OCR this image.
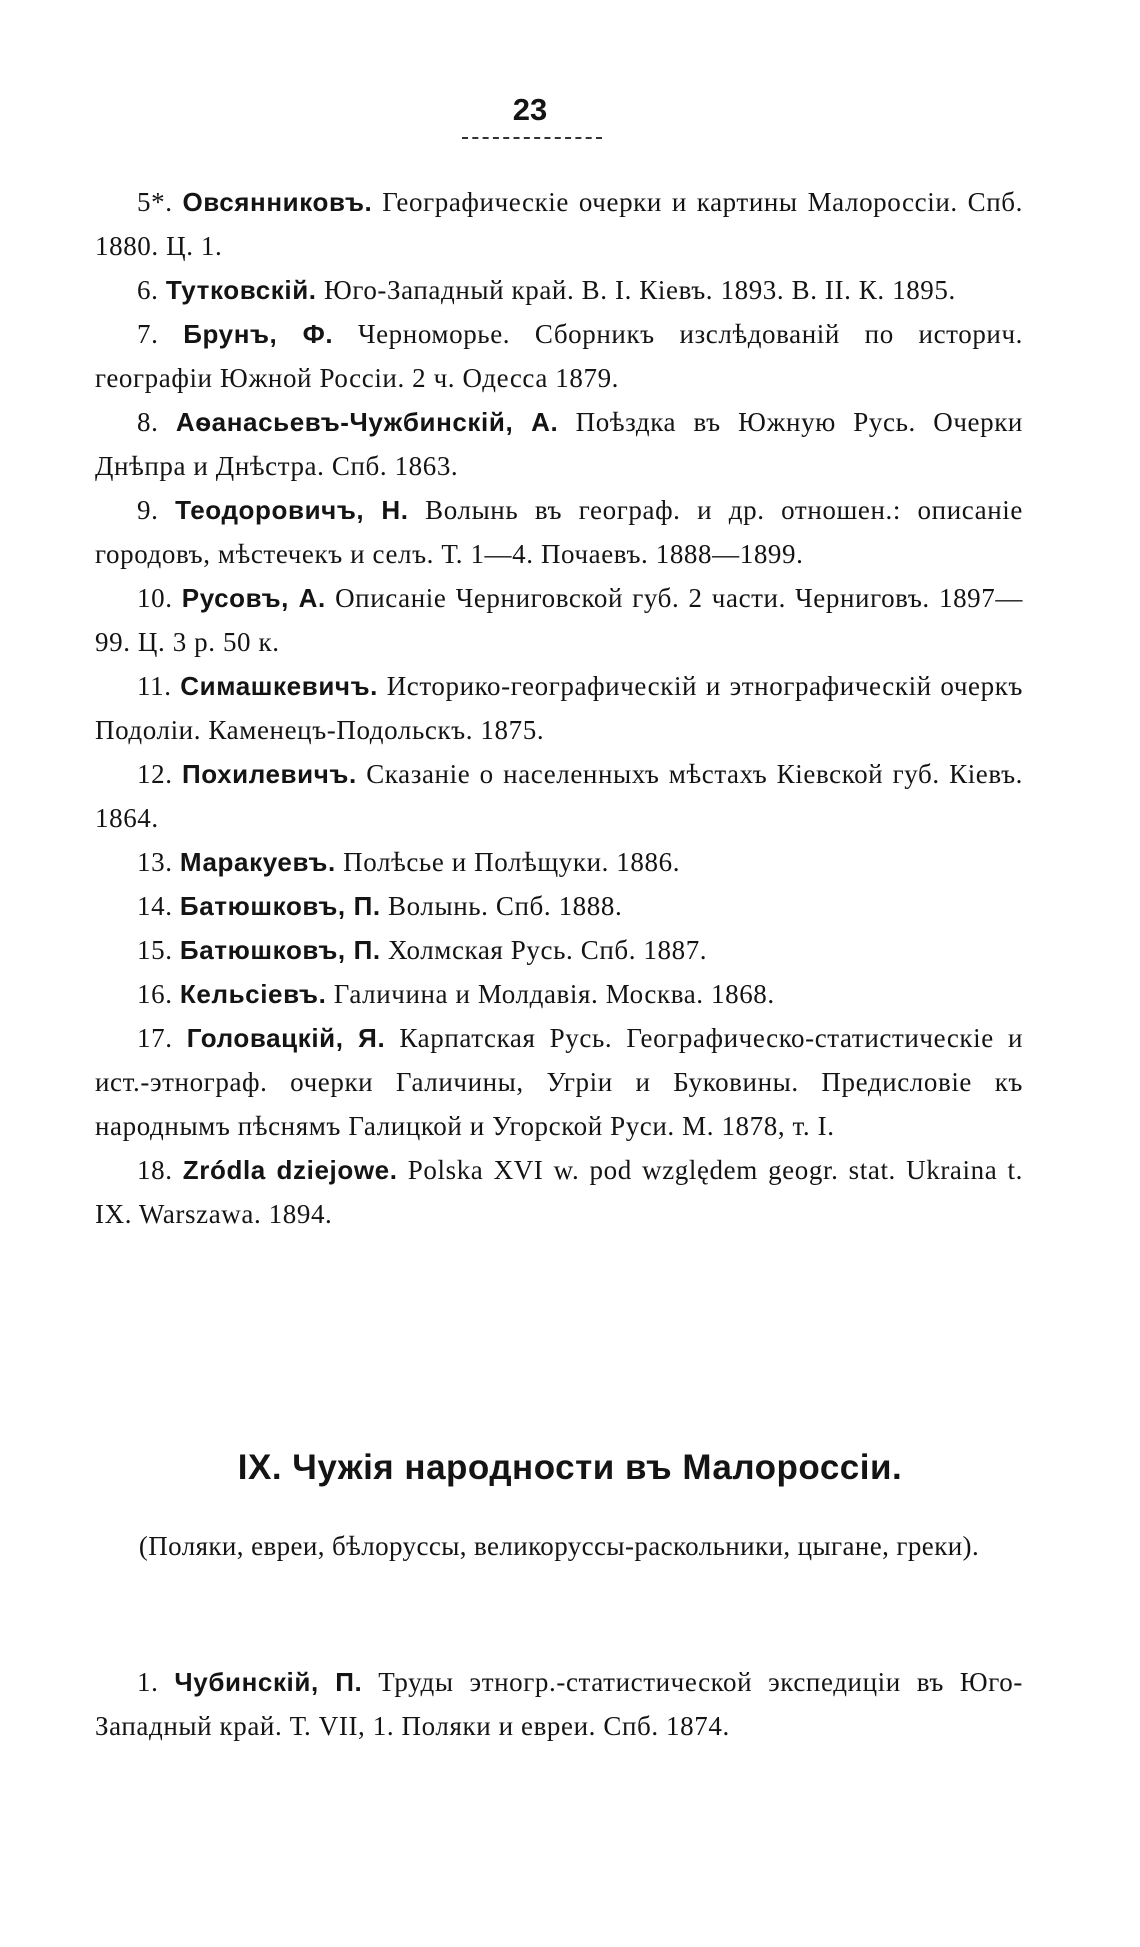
23

5*. Овсянниковъ. Географическіе очерки и картины Малороссіи. Спб. 1880. Ц. 1.

6. Тутковскій. Юго-Западный край. В. I. Кіевъ. 1893. В. II. К. 1895.

7. Брунъ, Ф. Черноморье. Сборникъ изслѣдованій по историч. географіи Южной Россіи. 2 ч. Одесса 1879.

8. Аѳанасьевъ-Чужбинскій, А. Поѣздка въ Южную Русь. Очерки Днѣпра и Днѣстра. Спб. 1863.

9. Теодоровичъ, Н. Волынь въ географ. и др. отношен.: описаніе городовъ, мѣстечекъ и селъ. Т. 1—4. Почаевъ. 1888—1899.

10. Русовъ, А. Описаніе Черниговской губ. 2 части. Черниговъ. 1897—99. Ц. 3 р. 50 к.

11. Симашкевичъ. Историко-географическій и этнографическій очеркъ Подоліи. Каменецъ-Подольскъ. 1875.

12. Похилевичъ. Сказаніе о населенныхъ мѣстахъ Кіевской губ. Кіевъ. 1864.

13. Маракуевъ. Полѣсье и Полѣщуки. 1886.

14. Батюшковъ, П. Волынь. Спб. 1888.

15. Батюшковъ, П. Холмская Русь. Спб. 1887.

16. Кельсіевъ. Галичина и Молдавія. Москва. 1868.

17. Головацкій, Я. Карпатская Русь. Географическо-статистическіе и ист.-этнограф. очерки Галичины, Угріи и Буковины. Предисловіе къ народнымъ пѣснямъ Галицкой и Угорской Руси. М. 1878, т. I.

18. Zródla dziejowe. Polska XVI w. pod względem geogr. stat. Ukraina t. IX. Warszawa. 1894.

IX. Чужія народности въ Малороссіи.
(Поляки, евреи, бѣлоруссы, великоруссы-раскольники, цыгане, греки).

1. Чубинскій, П. Труды этногр.-статистической экспедиціи въ Юго-Западный край. Т. VII, 1. Поляки и евреи. Спб. 1874.
